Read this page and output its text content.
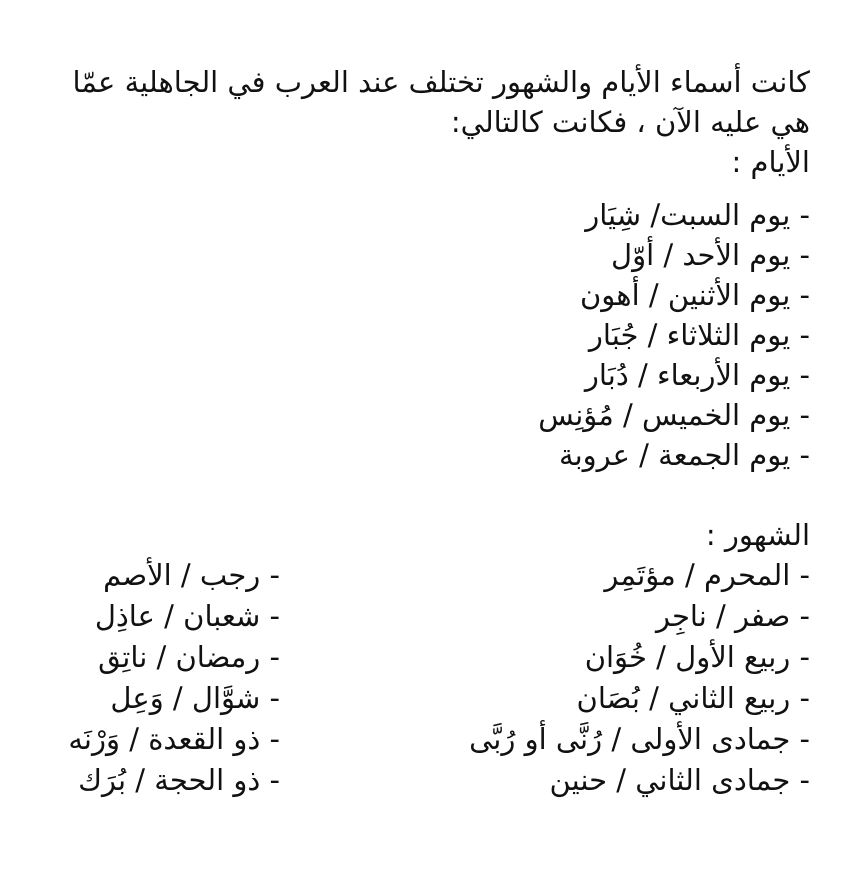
كانت أسماء الأيام والشهور تختلف عند العرب في الجاهلية عمّا

هي عليه الآن ، فكانت كالتالي:

الأيام :

- يوم السبت/ شِيَار

- يوم الأحد / أوّل

- يوم الأثنين / أهون

- يوم الثلاثاء / جُبَار

- يوم الأربعاء / دُبَار

- يوم الخميس / مُؤنِس

- يوم الجمعة / عروبة

الشهور :

- المحرم / مؤتَمِر

- صفر / ناجِر

- ربيع الأول / خُوَان

- ربيع الثاني / بُصَان

- جمادى الأولى / رُنَّى أو رُبَّى

- جمادى الثاني / حنين

- رجب / الأصم

- شعبان / عاذِل

- رمضان / ناتِق

- شوَّال / وَعِل

- ذو القعدة / وَرْنَه

- ذو الحجة / بُرَك
